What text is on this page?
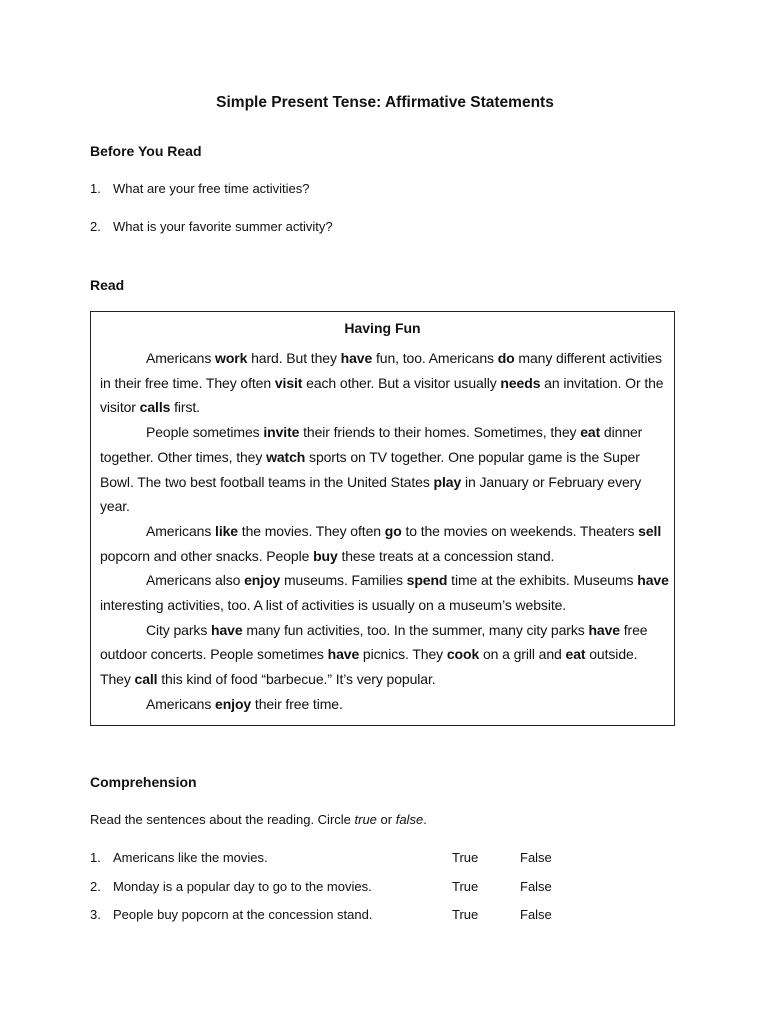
Simple Present Tense: Affirmative Statements
Before You Read
1. What are your free time activities?
2. What is your favorite summer activity?
Read
Having Fun

Americans work hard. But they have fun, too. Americans do many different activities in their free time. They often visit each other. But a visitor usually needs an invitation. Or the visitor calls first.

People sometimes invite their friends to their homes. Sometimes, they eat dinner together. Other times, they watch sports on TV together. One popular game is the Super Bowl. The two best football teams in the United States play in January or February every year.

Americans like the movies. They often go to the movies on weekends. Theaters sell popcorn and other snacks. People buy these treats at a concession stand.

Americans also enjoy museums. Families spend time at the exhibits. Museums have interesting activities, too. A list of activities is usually on a museum’s website.

City parks have many fun activities, too. In the summer, many city parks have free outdoor concerts. People sometimes have picnics. They cook on a grill and eat outside. They call this kind of food “barbecue.” It’s very popular.

Americans enjoy their free time.

Comprehension
Read the sentences about the reading. Circle true or false.
1. Americans like the movies.	True	False
2. Monday is a popular day to go to the movies.	True	False
3. People buy popcorn at the concession stand.	True	False
